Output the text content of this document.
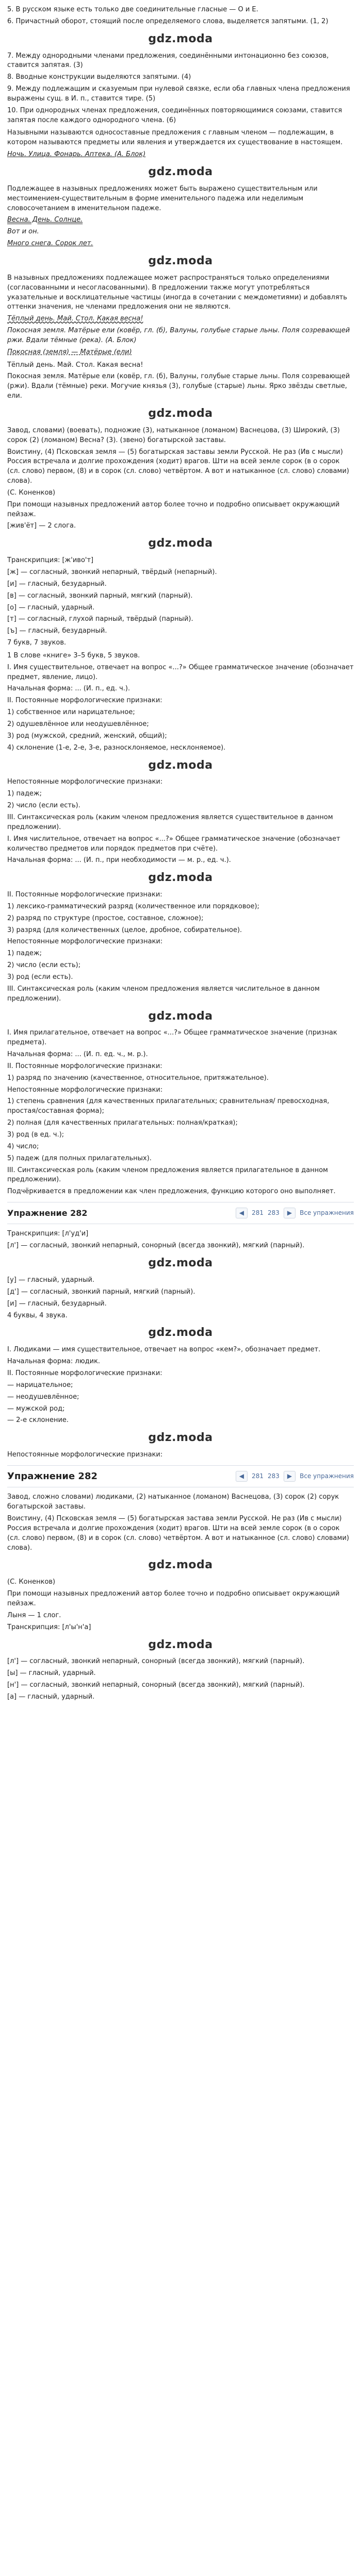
5. В русском языке есть только две соединительные гласные — О и Е.
6. Причастный оборот, стоящий после определяемого слова, выделяется запятыми. (1, 2)
gdz.moda
7. Между однородными членами предложения, соединёнными интонационно без союзов, ставится запятая. (3)
8. Вводные конструкции выделяются запятыми. (4)
9. Между подлежащим и сказуемым при нулевой связке, если оба главных члена предложения выражены сущ. в И. п., ставится тире. (5)
10. При однородных членах предложения, соединённых повторяющимися союзами, ставится запятая после каждого однородного члена. (6)
Назывными называются односоставные предложения с главным членом — подлежащим, в котором называются предметы или явления и утверждается их существование в настоящем.
Ночь. Улица. Фонарь. Аптека. (А. Блок)
gdz.moda
Подлежащее в назывных предложениях может быть выражено существительным или местоимением-существительным в форме именительного падежа или неделимым словосочетанием в именительном падеже.
Весна. День. Солнце.
Вот и он.
Много снега. Сорок лет.
gdz.moda
В назывных предложениях подлежащее может распространяться только определениями (согласованными и несогласованными). В предложении также могут употребляться указательные и восклицательные частицы (иногда в сочетании с междометиями) и добавлять оттенки значения, не членами предложения они не являются.
Тёплый день. Май. Стол. Какая весна!
Покосная земля. Матёрые ели (ковёр, гл. (б), Валуны, голубые старые льны. Поля созревающей ржи. Вдали тёмные (река). (А. Блок)
Покосная (земля) — Матёрые (ели)
Тёплый день. Май. Стол. Какая весна!
Покосная земля. Матёрые ели (ковёр, гл. (б), Валуны, голубые старые льны. Поля созревающей (ржи). Вдали (тёмные) реки. Могучие князья (3), голубые (старые) льны. Ярко звёзды светлые, ели.
gdz.moda
Завод, словами) (воевать), подножие (3), натыканное (ломаном) Васнецова, (3) Широкий, (3) сорок (2) (ломаном) Весна? (3). (звено) богатырской заставы.
Воистину, (4) Псковская земля — (5) богатырская заставы земли Русской. Не раз (Ив с мысли) Россия встречала и долгие прохождения (ходит) врагов. Шти на всей земле сорок (в о сорок (сл. слово) первом, (8) и в сорок (сл. слово) четвёртом. А вот и натыканное (сл. слово) словами) слова).
(С. Коненков)
При помощи назывных предложений автор более точно и подробно описывает окружающий пейзаж.
[жив'ёт] — 2 слога.
gdz.moda
Транскрипция: [ж'иво'т]
[ж] — согласный, звонкий непарный, твёрдый (непарный).
[и] — гласный, безударный.
[в] — согласный, звонкий парный, мягкий (парный).
[о] — гласный, ударный.
[т] — согласный, глухой парный, твёрдый (парный).
[ъ] — гласный, безударный.
7 букв, 7 звуков.
1 В слове «книге» 3–5 букв, 5 звуков.
I. Имя существительное, отвечает на вопрос «...?» Общее грамматическое значение (обозначает предмет, явление, лицо).
Начальная форма: ... (И. п., ед. ч.).
II. Постоянные морфологические признаки:
1) собственное или нарицательное;
2) одушевлённое или неодушевлённое;
3) род (мужской, средний, женский, общий);
4) склонение (1-е, 2-е, 3-е, разносклоняемое, несклоняемое).
gdz.moda
Непостоянные морфологические признаки:
1) падеж;
2) число (если есть).
III. Синтаксическая роль (каким членом предложения является существительное в данном предложении).
I. Имя числительное, отвечает на вопрос «...?» Общее грамматическое значение (обозначает количество предметов или порядок предметов при счёте).
Начальная форма: ... (И. п., при необходимости — м. р., ед. ч.).
gdz.moda
II. Постоянные морфологические признаки:
1) лексико-грамматический разряд (количественное или порядковое);
2) разряд по структуре (простое, составное, сложное);
3) разряд (для количественных (целое, дробное, собирательное).
Непостоянные морфологические признаки:
1) падеж;
2) число (если есть);
3) род (если есть).
III. Синтаксическая роль (каким членом предложения является числительное в данном предложении).
gdz.moda
I. Имя прилагательное, отвечает на вопрос «...?» Общее грамматическое значение (признак предмета).
Начальная форма: ... (И. п. ед. ч., м. р.).
II. Постоянные морфологические признаки:
1) разряд по значению (качественное, относительное, притяжательное).
Непостоянные морфологические признаки:
1) степень сравнения (для качественных прилагательных; сравнительная/ превосходная, простая/составная форма);
2) полная (для качественных прилагательных: полная/краткая);
3) род (в ед. ч.);
4) число;
5) падеж (для полных прилагательных).
III. Синтаксическая роль (каким членом предложения является прилагательное в данном предложении).
Подчёркивается в предложении как член предложения, функцию которого оно выполняет.
Упражнение 282	◀	281 283	▶	Все упражнения
Транскрипция: [л'уд'и]
[л'] — согласный, звонкий непарный, сонорный (всегда звонкий), мягкий (парный).
gdz.moda
[у] — гласный, ударный.
[д'] — согласный, звонкий парный, мягкий (парный).
[и] — гласный, безударный.
4 буквы, 4 звука.
gdz.moda
I. Людиками — имя существительное, отвечает на вопрос «кем?», обозначает предмет.
Начальная форма: людик.
II. Постоянные морфологические признаки:
— нарицательное;
— неодушевлённое;
— мужской род;
— 2-е склонение.
gdz.moda
Непостоянные морфологические признаки:
Упражнение 282	◀	281 283	▶	Все упражнения
Завод, сложно словами) людиками, (2) натыканное (ломаном) Васнецова, (3) сорок (2) сорук богатырской заставы.
Воистину, (4) Псковская земля — (5) богатырская застава земли Русской. Не раз (Ив с мысли) Россия встречала и долгие прохождения (ходит) врагов. Шти на всей земле сорок (в о сорок (сл. слово) первом, (8) и в сорок (сл. слово) четвёртом. А вот и натыканное (сл. слово) словами) слова).
gdz.moda
(С. Коненков)
При помощи назывных предложений автор более точно и подробно описывает окружающий пейзаж.
Лыня — 1 слог.
Транскрипция: [л'ы'н'а]
gdz.moda
[л'] — согласный, звонкий непарный, сонорный (всегда звонкий), мягкий (парный).
[ы] — гласный, ударный.
[н'] — согласный, звонкий непарный, сонорный (всегда звонкий), мягкий (парный).
[а] — гласный, ударный.
